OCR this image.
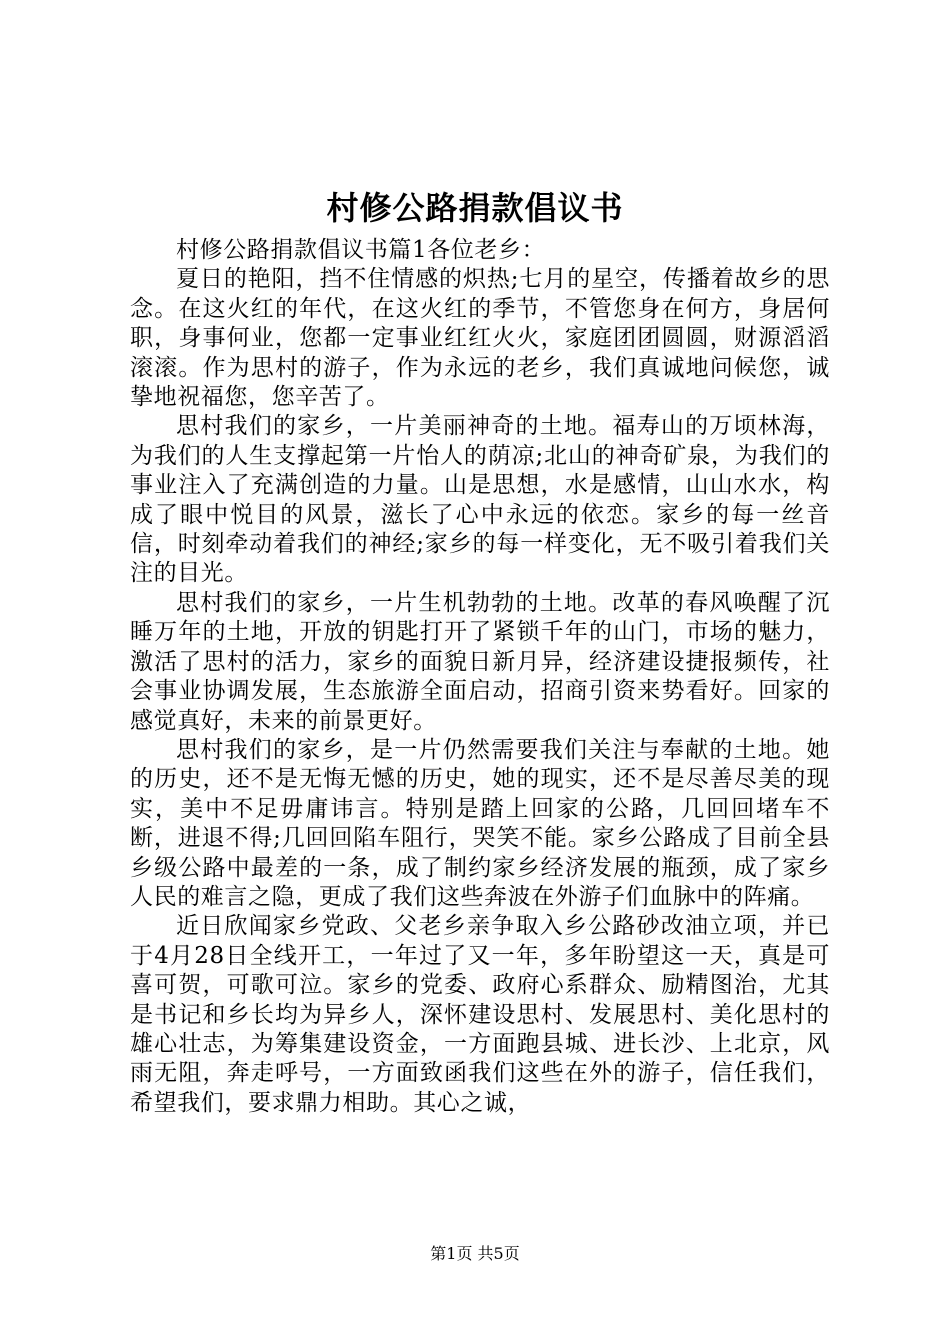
村修公路捐款倡议书

村修公路捐款倡议书篇1各位老乡：

夏日的艳阳，挡不住情感的炽热;七月的星空，传播着故乡的思念。在这火红的年代，在这火红的季节，不管您身在何方，身居何职，身事何业，您都一定事业红红火火，家庭团团圆圆，财源滔滔滚滚。作为思村的游子，作为永远的老乡，我们真诚地问候您，诚挚地祝福您，您辛苦了。

思村我们的家乡，一片美丽神奇的土地。福寿山的万顷林海，为我们的人生支撑起第一片怡人的荫凉;北山的神奇矿泉，为我们的事业注入了充满创造的力量。山是思想，水是感情，山山水水，构成了眼中悦目的风景，滋长了心中永远的依恋。家乡的每一丝音信，时刻牵动着我们的神经;家乡的每一样变化，无不吸引着我们关注的目光。

思村我们的家乡，一片生机勃勃的土地。改革的春风唤醒了沉睡万年的土地，开放的钥匙打开了紧锁千年的山门，市场的魅力，激活了思村的活力，家乡的面貌日新月异，经济建设捷报频传，社会事业协调发展，生态旅游全面启动，招商引资来势看好。回家的感觉真好，未来的前景更好。

思村我们的家乡，是一片仍然需要我们关注与奉献的土地。她的历史，还不是无悔无憾的历史，她的现实，还不是尽善尽美的现实，美中不足毋庸讳言。特别是踏上回家的公路，几回回堵车不断，进退不得;几回回陷车阻行，哭笑不能。家乡公路成了目前全县乡级公路中最差的一条，成了制约家乡经济发展的瓶颈，成了家乡人民的难言之隐，更成了我们这些奔波在外游子们血脉中的阵痛。

近日欣闻家乡党政、父老乡亲争取入乡公路砂改油立项，并已于4月28日全线开工，一年过了又一年，多年盼望这一天，真是可喜可贺，可歌可泣。家乡的党委、政府心系群众、励精图治，尤其是书记和乡长均为异乡人，深怀建设思村、发展思村、美化思村的雄心壮志，为筹集建设资金，一方面跑县城、进长沙、上北京，风雨无阻，奔走呼号，一方面致函我们这些在外的游子，信任我们，希望我们，要求鼎力相助。其心之诚，

第1页 共5页
